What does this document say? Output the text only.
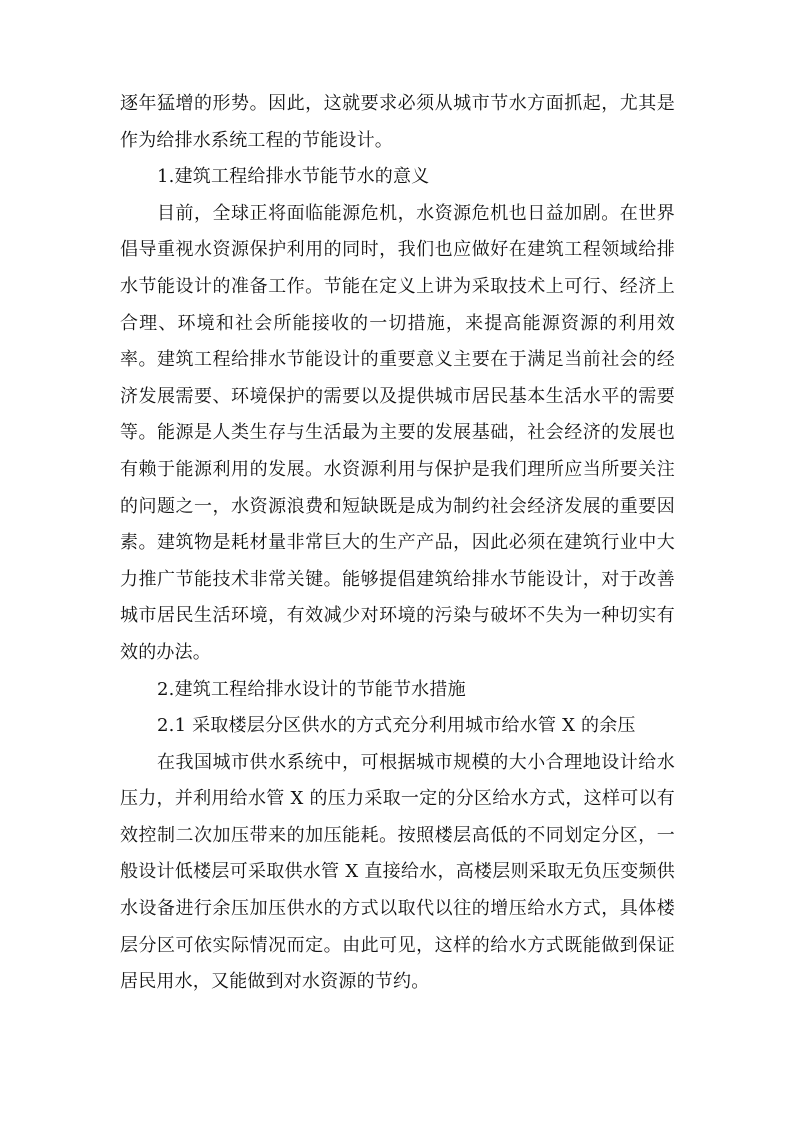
逐年猛增的形势。因此，这就要求必须从城市节水方面抓起，尤其是作为给排水系统工程的节能设计。

1.建筑工程给排水节能节水的意义

目前，全球正将面临能源危机，水资源危机也日益加剧。在世界倡导重视水资源保护利用的同时，我们也应做好在建筑工程领域给排水节能设计的准备工作。节能在定义上讲为采取技术上可行、经济上合理、环境和社会所能接收的一切措施，来提高能源资源的利用效率。建筑工程给排水节能设计的重要意义主要在于满足当前社会的经济发展需要、环境保护的需要以及提供城市居民基本生活水平的需要等。能源是人类生存与生活最为主要的发展基础，社会经济的发展也有赖于能源利用的发展。水资源利用与保护是我们理所应当所要关注的问题之一，水资源浪费和短缺既是成为制约社会经济发展的重要因素。建筑物是耗材量非常巨大的生产产品，因此必须在建筑行业中大力推广节能技术非常关键。能够提倡建筑给排水节能设计，对于改善城市居民生活环境，有效减少对环境的污染与破坏不失为一种切实有效的办法。

2.建筑工程给排水设计的节能节水措施

2.1 采取楼层分区供水的方式充分利用城市给水管 X 的余压

在我国城市供水系统中，可根据城市规模的大小合理地设计给水压力，并利用给水管 X 的压力采取一定的分区给水方式，这样可以有效控制二次加压带来的加压能耗。按照楼层高低的不同划定分区，一般设计低楼层可采取供水管 X 直接给水，高楼层则采取无负压变频供水设备进行余压加压供水的方式以取代以往的增压给水方式，具体楼层分区可依实际情况而定。由此可见，这样的给水方式既能做到保证居民用水，又能做到对水资源的节约。
